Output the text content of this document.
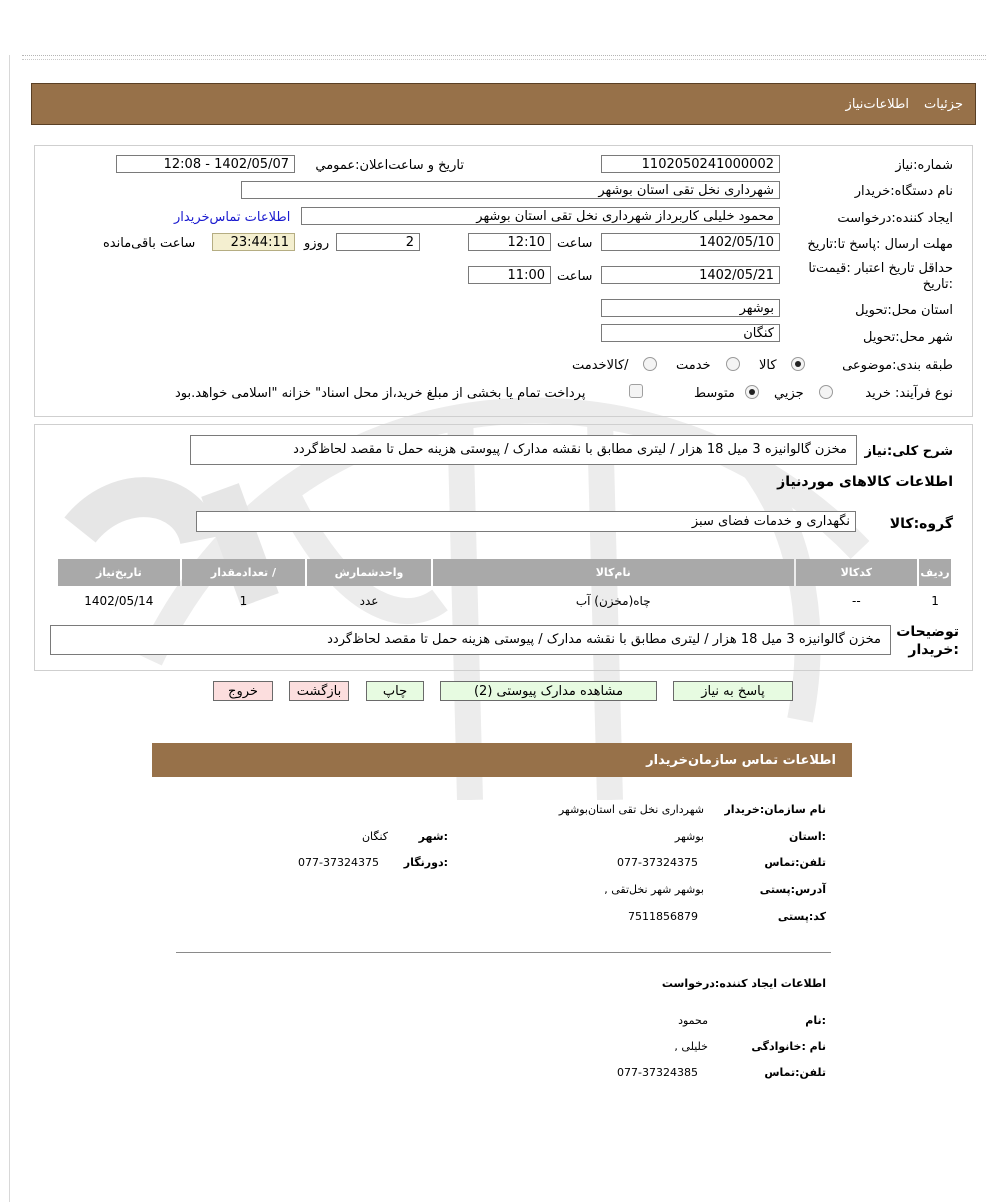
جزئیات
اطلاعات‌نیاز
شماره:نیاز
1102050241000002
تاریخ و ساعت‌اعلان:عمومي
1402/05/07 - 12:08
نام دستگاه:خریدار
شهرداری نخل تقی استان بوشهر
ایجاد کننده:درخواست
محمود خلیلی کاربرداز شهرداری نخل تقی استان بوشهر
اطلاعات تماس‌خریدار
مهلت ارسال :پاسخ تا:تاریخ
1402/05/10
ساعت
12:10
2
روزو
23:44:11
ساعت باقی‌مانده
حداقل تاریخ اعتبار :قیمت‌تا
:تاریخ
1402/05/21
ساعت
11:00
استان محل:تحویل
بوشهر
شهر محل:تحویل
کنگان
طبقه بندی:موضوعی
کالا
خدمت
/کالاخدمت
نوع فرآیند: خرید
جزيي
متوسط
پرداخت تمام یا بخشی از مبلغ خرید،از محل اسناد" خزانه "اسلامی خواهد.بود
شرح کلی:نیاز
مخزن گالوانیزه 3 میل 18 هزار / لیتری مطابق با نقشه مدارک / پیوستی هزینه حمل تا مقصد لحاظ‌گردد
اطلاعات کالاهای موردنیاز
گروه:کالا
نگهداری و خدمات فضای سبز
ردیف	کدکالا	نام‌کالا	واحدشمارش	/ تعدادمقدار	تاریخ‌نیاز
1	--	چاه(مخزن) آب	عدد	1	1402/05/14
توضیحات
:خریدار
مخزن گالوانیزه 3 میل 18 هزار / لیتری مطابق با نقشه مدارک / پیوستی هزینه حمل تا مقصد لحاظ‌گردد
پاسخ به نیاز
مشاهده مدارک پیوستی (2)
چاپ
بازگشت
خروج
اطلاعات تماس سازمان‌خریدار
نام سازمان:خریدار
شهرداری نخل تقی استان‌بوشهر
:استان
بوشهر
:شهر
کنگان
تلفن:تماس
077-37324375
:دورنگار
077-37324375
آدرس:پستی
بوشهر شهر نخل‌تقی ,
کد:پستی
7511856879
اطلاعات ایجاد کننده:درخواست
:نام
محمود
نام :خانوادگی
خلیلی ,
تلفن:تماس
077-37324385
